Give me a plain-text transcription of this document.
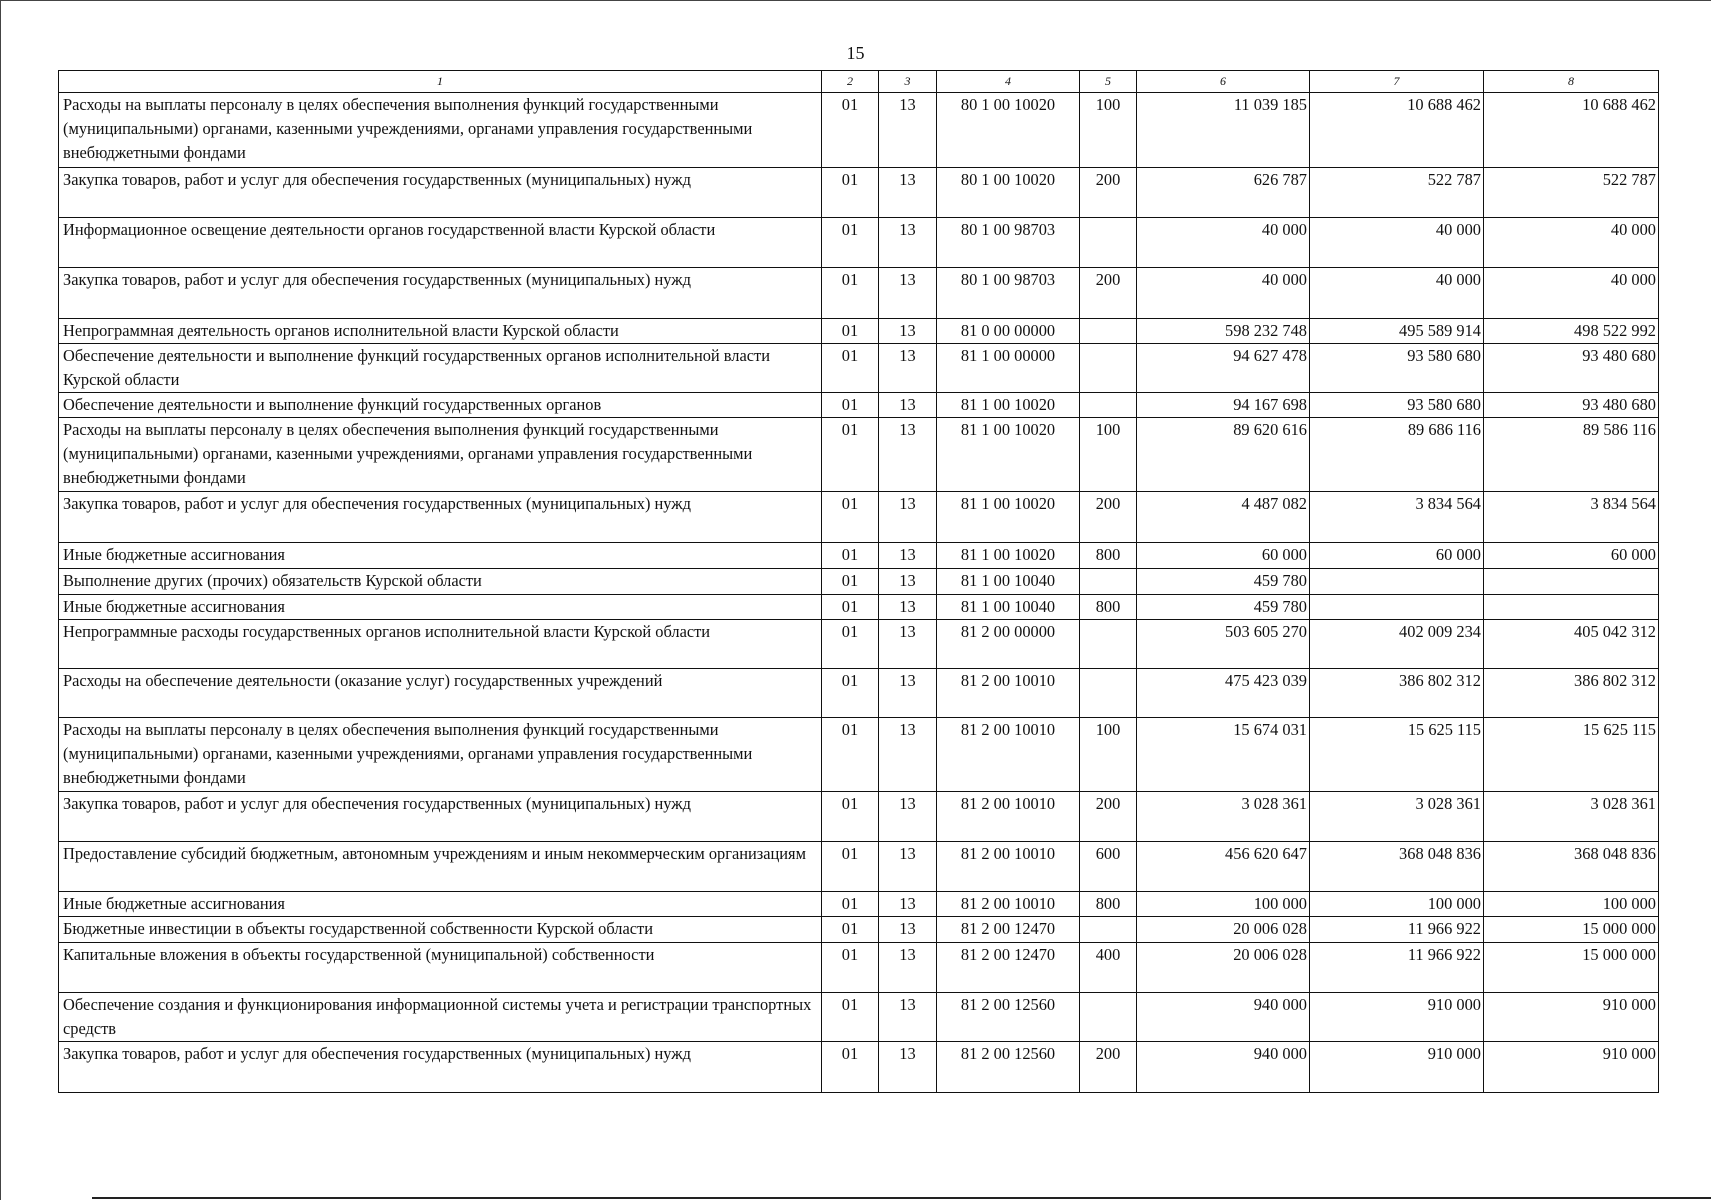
15
1	2	3	4	5	6	7	8
Расходы на выплаты персоналу в целях обеспечения выполнения функций государственными (муниципальными) органами, казенными учреждениями, органами управления государственными внебюджетными фондами	01	13	80 1 00 10020	100	11 039 185	10 688 462	10 688 462
Закупка товаров, работ и услуг для обеспечения государственных (муниципальных) нужд	01	13	80 1 00 10020	200	626 787	522 787	522 787
Информационное освещение деятельности органов государственной власти Курской области	01	13	80 1 00 98703		40 000	40 000	40 000
Закупка товаров, работ и услуг для обеспечения государственных (муниципальных) нужд	01	13	80 1 00 98703	200	40 000	40 000	40 000
Непрограммная деятельность органов исполнительной власти Курской области	01	13	81 0 00 00000		598 232 748	495 589 914	498 522 992
Обеспечение деятельности и выполнение функций государственных органов исполнительной власти Курской области	01	13	81 1 00 00000		94 627 478	93 580 680	93 480 680
Обеспечение деятельности и выполнение функций государственных органов	01	13	81 1 00 10020		94 167 698	93 580 680	93 480 680
Расходы на выплаты персоналу в целях обеспечения выполнения функций государственными (муниципальными) органами, казенными учреждениями, органами управления государственными внебюджетными фондами	01	13	81 1 00 10020	100	89 620 616	89 686 116	89 586 116
Закупка товаров, работ и услуг для обеспечения государственных (муниципальных) нужд	01	13	81 1 00 10020	200	4 487 082	3 834 564	3 834 564
Иные бюджетные ассигнования	01	13	81 1 00 10020	800	60 000	60 000	60 000
Выполнение других (прочих) обязательств Курской области	01	13	81 1 00 10040		459 780		
Иные бюджетные ассигнования	01	13	81 1 00 10040	800	459 780		
Непрограммные расходы государственных органов исполнительной власти Курской области	01	13	81 2 00 00000		503 605 270	402 009 234	405 042 312
Расходы на обеспечение деятельности (оказание услуг) государственных учреждений	01	13	81 2 00 10010		475 423 039	386 802 312	386 802 312
Расходы на выплаты персоналу в целях обеспечения выполнения функций государственными (муниципальными) органами, казенными учреждениями, органами управления государственными внебюджетными фондами	01	13	81 2 00 10010	100	15 674 031	15 625 115	15 625 115
Закупка товаров, работ и услуг для обеспечения государственных (муниципальных) нужд	01	13	81 2 00 10010	200	3 028 361	3 028 361	3 028 361
Предоставление субсидий бюджетным, автономным учреждениям и иным некоммерческим организациям	01	13	81 2 00 10010	600	456 620 647	368 048 836	368 048 836
Иные бюджетные ассигнования	01	13	81 2 00 10010	800	100 000	100 000	100 000
Бюджетные инвестиции в объекты государственной собственности Курской области	01	13	81 2 00 12470		20 006 028	11 966 922	15 000 000
Капитальные вложения в объекты государственной (муниципальной) собственности	01	13	81 2 00 12470	400	20 006 028	11 966 922	15 000 000
Обеспечение создания и функционирования информационной системы учета и регистрации транспортных средств	01	13	81 2 00 12560		940 000	910 000	910 000
Закупка товаров, работ и услуг для обеспечения государственных (муниципальных) нужд	01	13	81 2 00 12560	200	940 000	910 000	910 000
